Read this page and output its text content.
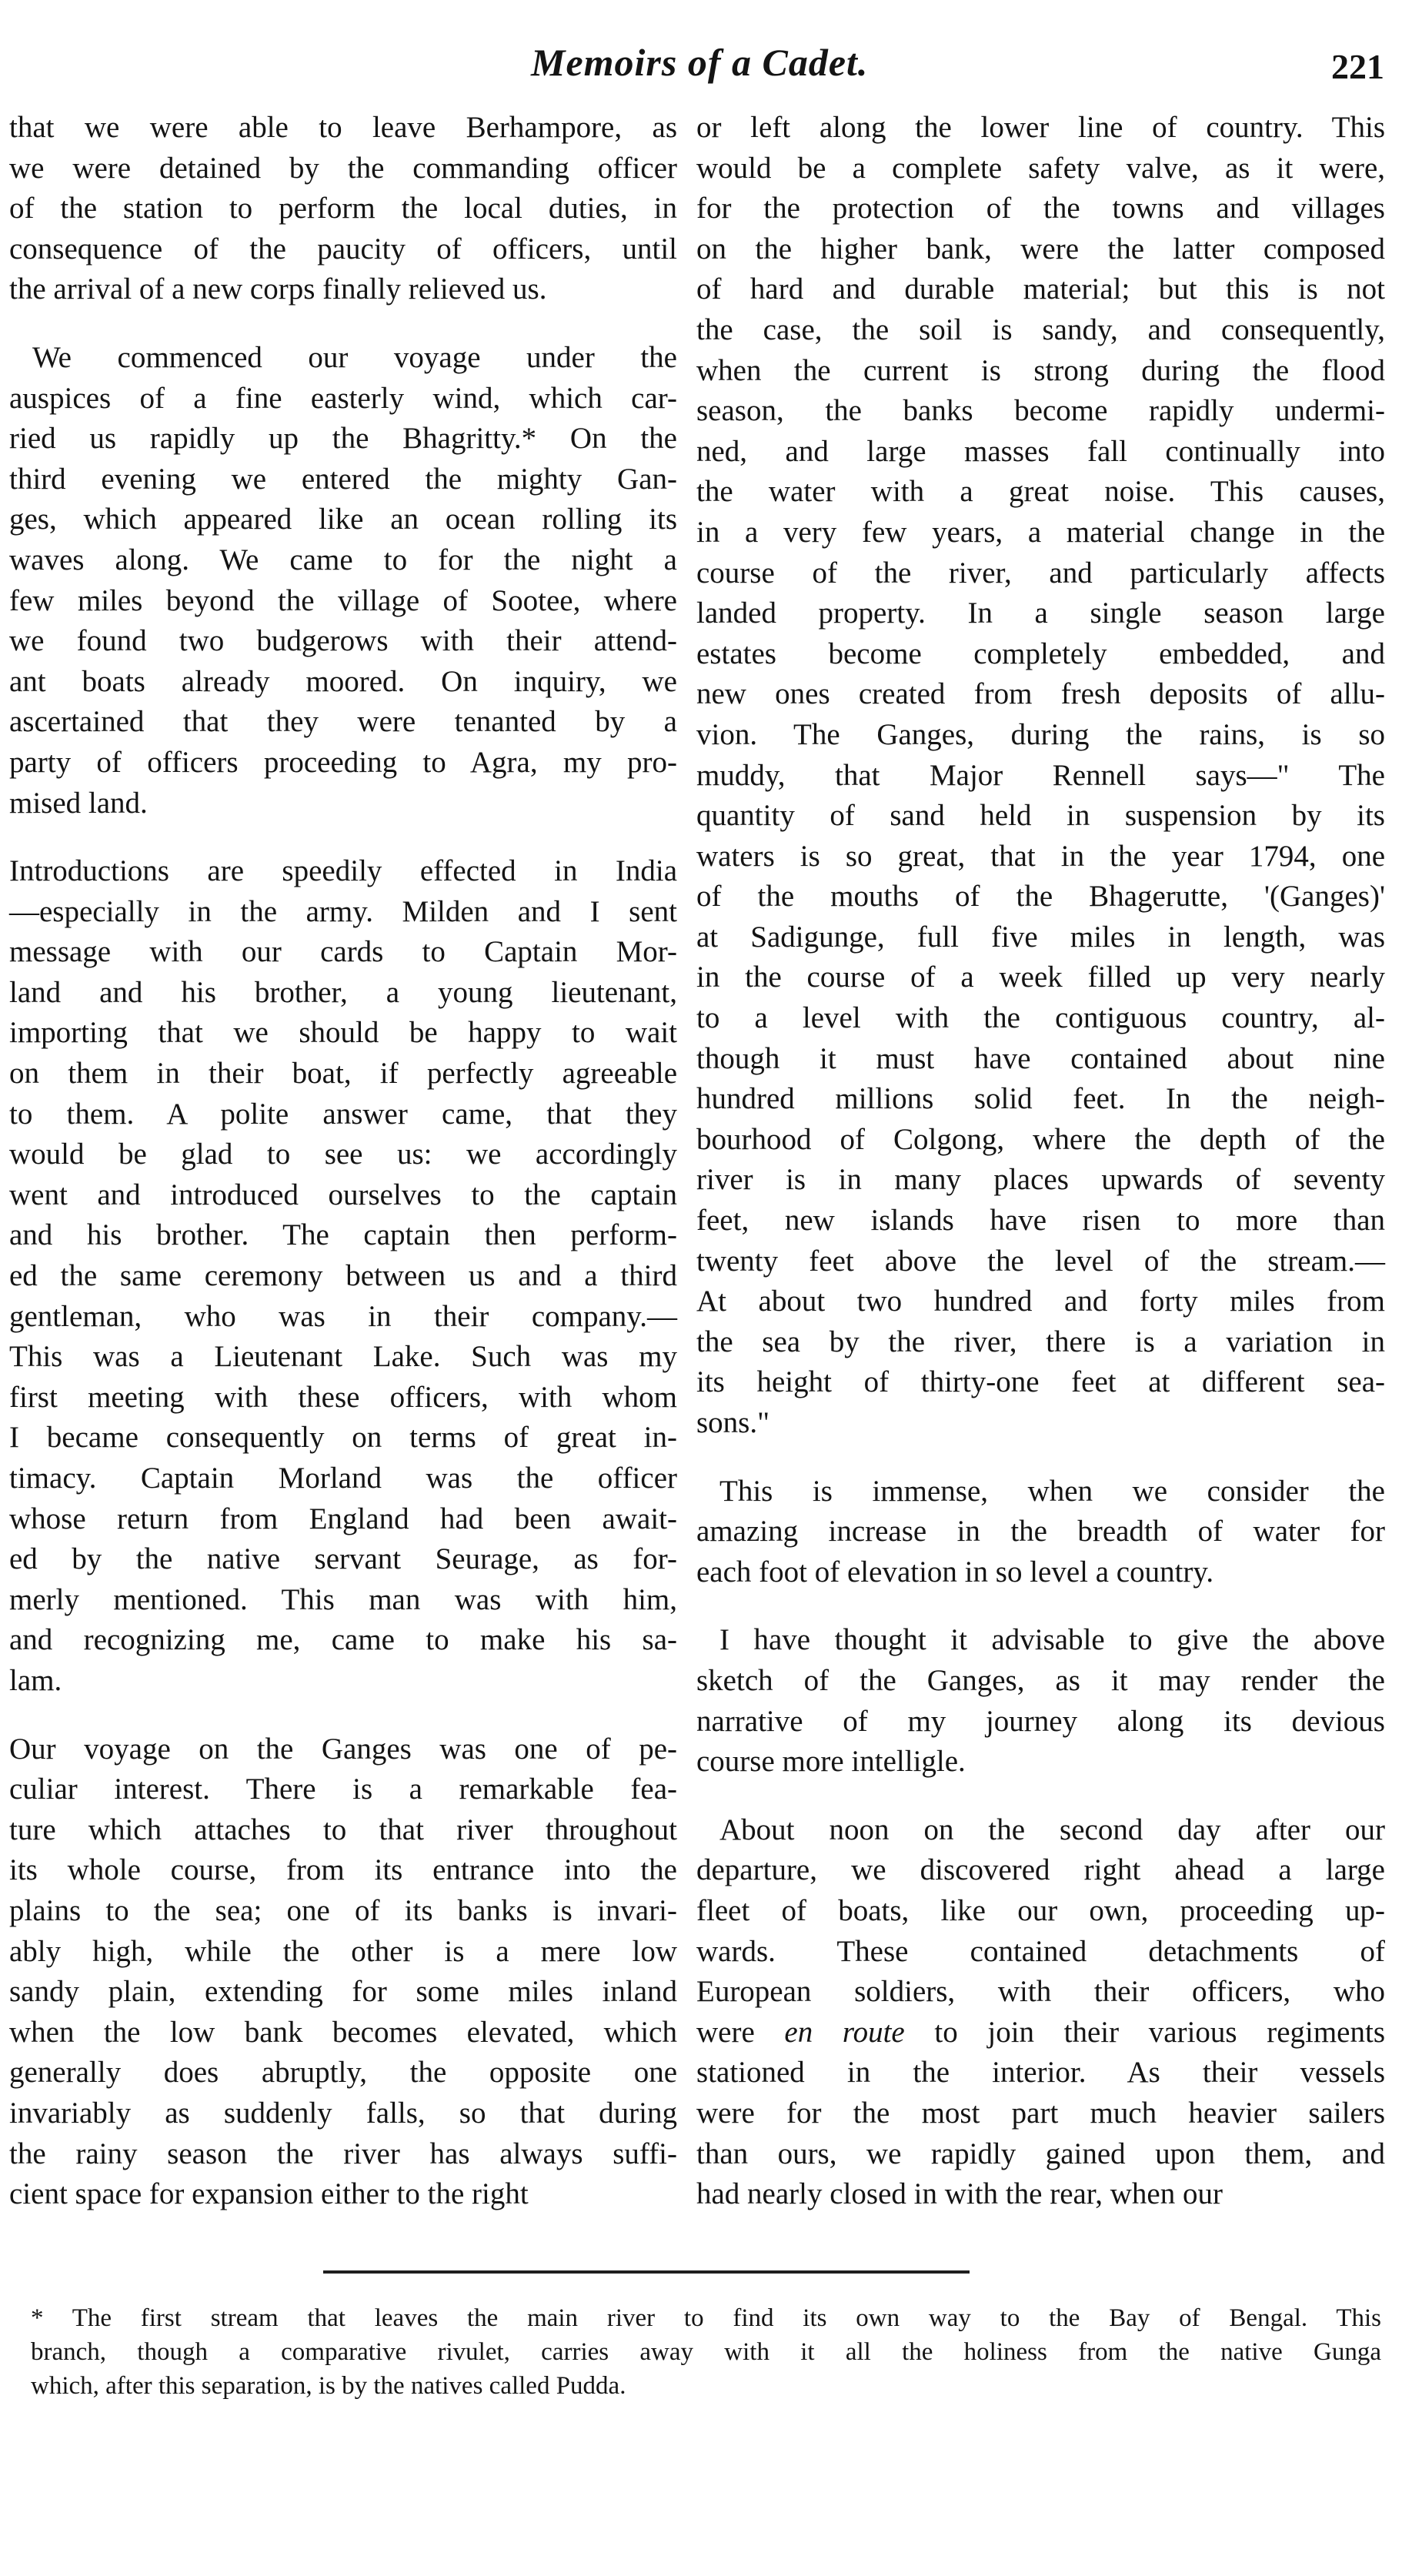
Memoirs of a Cadet.	221
that we were able to leave Berhampore, as
we were detained by the commanding officer
of the station to perform the local duties, in
consequence of the paucity of officers, until
the arrival of a new corps finally relieved us.
We commenced our voyage under the
auspices of a fine easterly wind, which car-
ried us rapidly up the Bhagritty.* On the
third evening we entered the mighty Gan-
ges, which appeared like an ocean rolling its
waves along. We came to for the night a
few miles beyond the village of Sootee, where
we found two budgerows with their attend-
ant boats already moored. On inquiry, we
ascertained that they were tenanted by a
party of officers proceeding to Agra, my pro-
mised land.
Introductions are speedily effected in India
—especially in the army. Milden and I sent
message with our cards to Captain Mor-
land and his brother, a young lieutenant,
importing that we should be happy to wait
on them in their boat, if perfectly agreeable
to them. A polite answer came, that they
would be glad to see us: we accordingly
went and introduced ourselves to the captain
and his brother. The captain then perform-
ed the same ceremony between us and a third
gentleman, who was in their company.—
This was a Lieutenant Lake. Such was my
first meeting with these officers, with whom
I became consequently on terms of great in-
timacy. Captain Morland was the officer
whose return from England had been await-
ed by the native servant Seurage, as for-
merly mentioned. This man was with him,
and recognizing me, came to make his sa-
lam.
Our voyage on the Ganges was one of pe-
culiar interest. There is a remarkable fea-
ture which attaches to that river throughout
its whole course, from its entrance into the
plains to the sea; one of its banks is invari-
ably high, while the other is a mere low
sandy plain, extending for some miles inland
when the low bank becomes elevated, which
generally does abruptly, the opposite one
invariably as suddenly falls, so that during
the rainy season the river has always suffi-
cient space for expansion either to the right
or left along the lower line of country. This
would be a complete safety valve, as it were,
for the protection of the towns and villages
on the higher bank, were the latter composed
of hard and durable material; but this is not
the case, the soil is sandy, and consequently,
when the current is strong during the flood
season, the banks become rapidly undermi-
ned, and large masses fall continually into
the water with a great noise. This causes,
in a very few years, a material change in the
course of the river, and particularly affects
landed property. In a single season large
estates become completely embedded, and
new ones created from fresh deposits of allu-
vion. The Ganges, during the rains, is so
muddy, that Major Rennell says—" The
quantity of sand held in suspension by its
waters is so great, that in the year 1794, one
of the mouths of the Bhagerutte, '(Ganges)'
at Sadigunge, full five miles in length, was
in the course of a week filled up very nearly
to a level with the contiguous country, al-
though it must have contained about nine
hundred millions solid feet. In the neigh-
bourhood of Colgong, where the depth of the
river is in many places upwards of seventy
feet, new islands have risen to more than
twenty feet above the level of the stream.—
At about two hundred and forty miles from
the sea by the river, there is a variation in
its height of thirty-one feet at different sea-
sons."
This is immense, when we consider the
amazing increase in the breadth of water for
each foot of elevation in so level a country.
I have thought it advisable to give the above
sketch of the Ganges, as it may render the
narrative of my journey along its devious
course more intelligle.
About noon on the second day after our
departure, we discovered right ahead a large
fleet of boats, like our own, proceeding up-
wards. These contained detachments of
European soldiers, with their officers, who
were en route to join their various regiments
stationed in the interior. As their vessels
were for the most part much heavier sailers
than ours, we rapidly gained upon them, and
had nearly closed in with the rear, when our
* The first stream that leaves the main river to find its own way to the Bay of Bengal. This
branch, though a comparative rivulet, carries away with it all the holiness from the native Gunga
which, after this separation, is by the natives called Pudda.
